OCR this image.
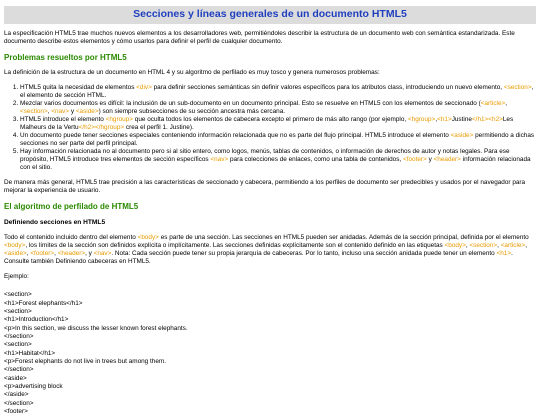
Secciones y líneas generales de un documento HTML5

La especificación HTML5 trae muchos nuevos elementos a los desarrolladores web, permitiéndoles describir la estructura de un documento web con semántica estandarizada. Este documento describe estos elementos y cómo usarlos para definir el perfil de cualquier documento.

Problemas resueltos por HTML5

La definición de la estructura de un documento en HTML 4 y su algoritmo de perfilado es muy tosco y genera numerosos problemas:

1. HTML5 quita la necesidad de elementos <div> para definir secciones semánticas sin definir valores específicos para los atributos class, introduciendo un nuevo elemento, <section>, el elemento de sección HTML.
2. Mezclar varios documentos es difícil: la inclusión de un sub-documento en un documento principal. Esto se resuelve en HTML5 con los elementos de seccionado (<article>, <section>, <nav> y <aside>) son siempre subsecciones de su sección ancestra más cercana.
3. HTML5 introduce el elemento <hgroup> que oculta todos los elementos de cabecera excepto el primero de más alto rango (por ejemplo, <hgroup>,<h1>Justine</h1><h2>Les Malheurs de la Vertu</h2></hgroup> crea el perfil 1. Justine).
4. Un documento puede tener secciones especiales conteniendo información relacionada que no es parte del flujo principal. HTML5 introduce el elemento <aside> permitiendo a dichas secciones no ser parte del perfil principal.
5. Hay información relacionada no al documento pero si al sitio entero, como logos, menús, tablas de contenidos, o información de derechos de autor y notas legales. Para ese propósito, HTML5 introduce tres elementos de sección específicos <nav> para colecciones de enlaces, como una tabla de contenidos, <footer> y <header> información relacionada con el sitio.

De manera más general, HTML5 trae precisión a las características de seccionado y cabecera, permitiendo a los perfiles de documento ser predecibles y usados por el navegador para mejorar la experiencia de usuario.

El algoritmo de perfilado de HTML5
Definiendo secciones en HTML5

Todo el contenido incluido dentro del elemento <body> es parte de una sección. Las secciones en HTML5 pueden ser anidadas. Además de la sección principal, definida por el elemento <body>, los límites de la sección son definidos explícita o implícitamente. Las secciones definidas explícitamente son el contenido definido en las etiquetas <body>, <section>, <article>, <aside>, <footer>, <header>, y <nav>. Nota: Cada sección puede tener su propia jerarquía de cabeceras. Por lo tanto, incluso una sección anidada puede tener un elemento <h1>. Consulte también Definiendo cabeceras en HTML5.

Ejemplo:

<section>
<h1>Forest elephants</h1>
<section>
<h1>Introduction</h1>
<p>In this section, we discuss the lesser known forest elephants.
</section>
<section>
<h1>Habitat</h1>
<p>Forest elephants do not live in trees but among them.
</section>
<aside>
<p>advertising block
</aside>
</section>
<footer>
